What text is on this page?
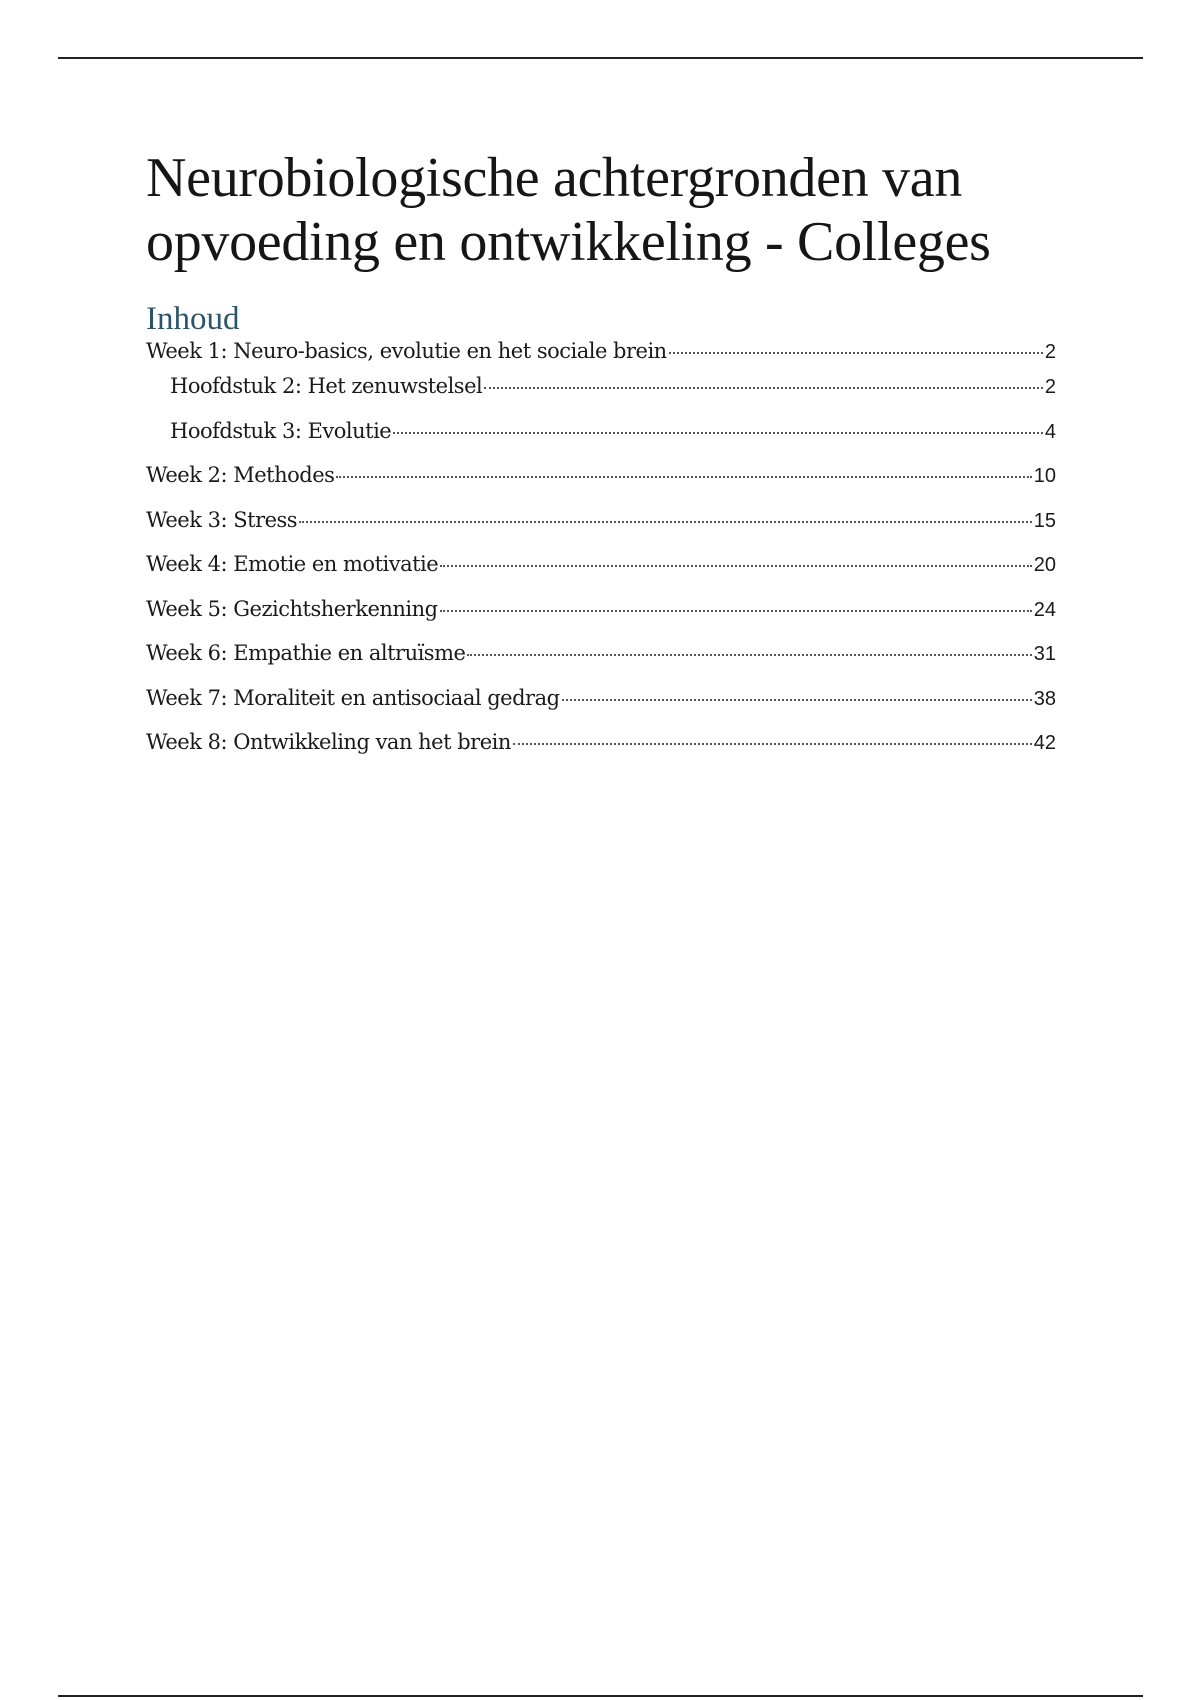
Neurobiologische achtergronden van opvoeding en ontwikkeling - Colleges
Inhoud
Week 1: Neuro-basics, evolutie en het sociale brein	2
Hoofdstuk 2: Het zenuwstelsel	2
Hoofdstuk 3: Evolutie	4
Week 2: Methodes	10
Week 3: Stress	15
Week 4: Emotie en motivatie	20
Week 5: Gezichtsherkenning	24
Week 6: Empathie en altruïsme	31
Week 7: Moraliteit en antisociaal gedrag	38
Week 8: Ontwikkeling van het brein	42
